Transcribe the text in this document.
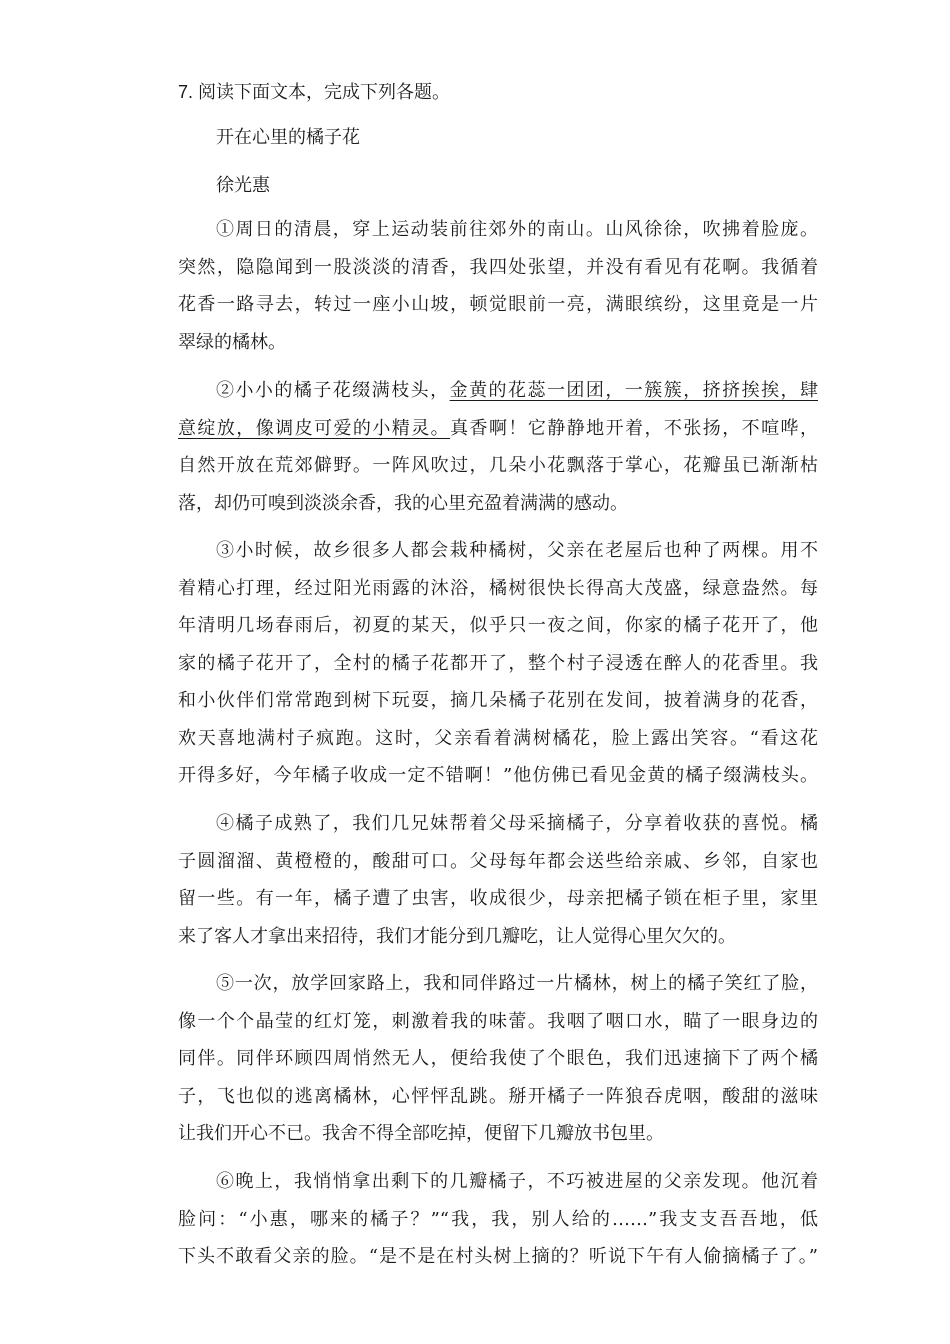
7. 阅读下面文本，完成下列各题。
开在心里的橘子花
徐光惠
①周日的清晨，穿上运动装前往郊外的南山。山风徐徐，吹拂着脸庞。
突然，隐隐闻到一股淡淡的清香，我四处张望，并没有看见有花啊。我循着
花香一路寻去，转过一座小山坡，顿觉眼前一亮，满眼缤纷，这里竟是一片
翠绿的橘林。
②小小的橘子花缀满枝头，金黄的花蕊一团团，一簇簇，挤挤挨挨，肆
意绽放，像调皮可爱的小精灵。真香啊！它静静地开着，不张扬，不喧哗，
自然开放在荒郊僻野。一阵风吹过，几朵小花飘落于掌心，花瓣虽已渐渐枯
落，却仍可嗅到淡淡余香，我的心里充盈着满满的感动。
③小时候，故乡很多人都会栽种橘树，父亲在老屋后也种了两棵。用不
着精心打理，经过阳光雨露的沐浴，橘树很快长得高大茂盛，绿意盎然。每
年清明几场春雨后，初夏的某天，似乎只一夜之间，你家的橘子花开了，他
家的橘子花开了，全村的橘子花都开了，整个村子浸透在醉人的花香里。我
和小伙伴们常常跑到树下玩耍，摘几朵橘子花别在发间，披着满身的花香，
欢天喜地满村子疯跑。这时，父亲看着满树橘花，脸上露出笑容。“看这花
开得多好，今年橘子收成一定不错啊！”他仿佛已看见金黄的橘子缀满枝头。
④橘子成熟了，我们几兄妹帮着父母采摘橘子，分享着收获的喜悦。橘
子圆溜溜、黄橙橙的，酸甜可口。父母每年都会送些给亲戚、乡邻，自家也
留一些。有一年，橘子遭了虫害，收成很少，母亲把橘子锁在柜子里，家里
来了客人才拿出来招待，我们才能分到几瓣吃，让人觉得心里欠欠的。
⑤一次，放学回家路上，我和同伴路过一片橘林，树上的橘子笑红了脸，
像一个个晶莹的红灯笼，刺激着我的味蕾。我咽了咽口水，瞄了一眼身边的
同伴。同伴环顾四周悄然无人，便给我使了个眼色，我们迅速摘下了两个橘
子，飞也似的逃离橘林，心怦怦乱跳。掰开橘子一阵狼吞虎咽，酸甜的滋味
让我们开心不已。我舍不得全部吃掉，便留下几瓣放书包里。
⑥晚上，我悄悄拿出剩下的几瓣橘子，不巧被进屋的父亲发现。他沉着
脸问：“小惠，哪来的橘子？”“我，我，别人给的……”我支支吾吾地，低
下头不敢看父亲的脸。“是不是在村头树上摘的？听说下午有人偷摘橘子了。”
